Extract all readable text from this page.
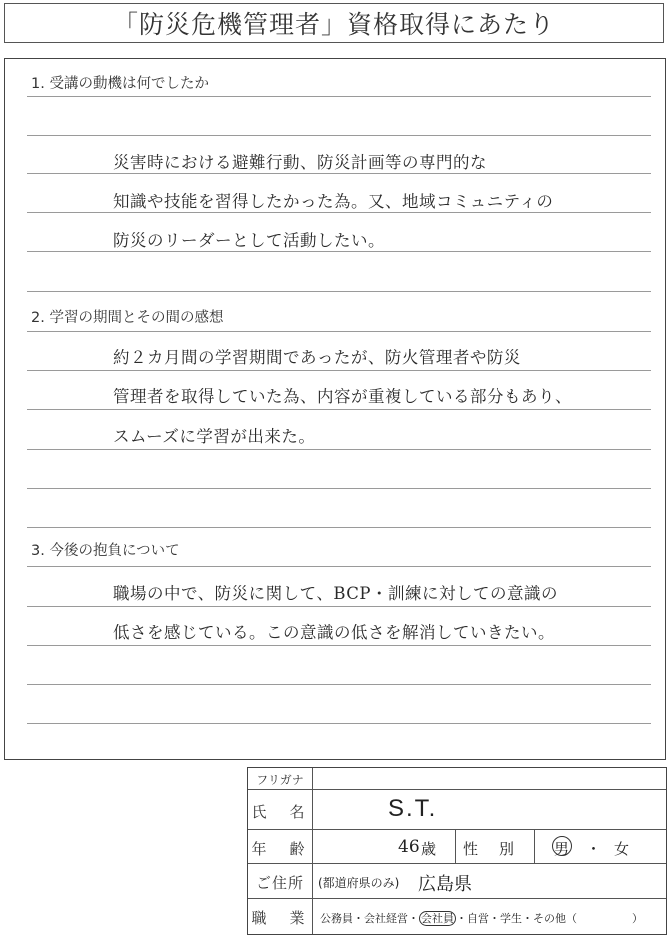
「防災危機管理者」資格取得にあたり
1. 受講の動機は何でしたか
災害時における避難行動、防災計画等の専門的な
知識や技能を習得したかった為。又、地域コミュニティの
防災のリーダーとして活動したい。
2. 学習の期間とその間の感想
約２カ月間の学習期間であったが、防火管理者や防災
管理者を取得していた為、内容が重複している部分もあり、
スムーズに学習が出来た。
3. 今後の抱負について
職場の中で、防災に関して、BCP・訓練に対しての意識の
低さを感じている。この意識の低さを解消していきたい。
フリガナ
氏　名	S.T.
年　齢	46 歳 性　別 男 ・ 女
ご住所	(都道府県のみ) 広島県
職　業	公務員・会社経営・ 会社員 ・自営・学生・その他（　　　　　）
